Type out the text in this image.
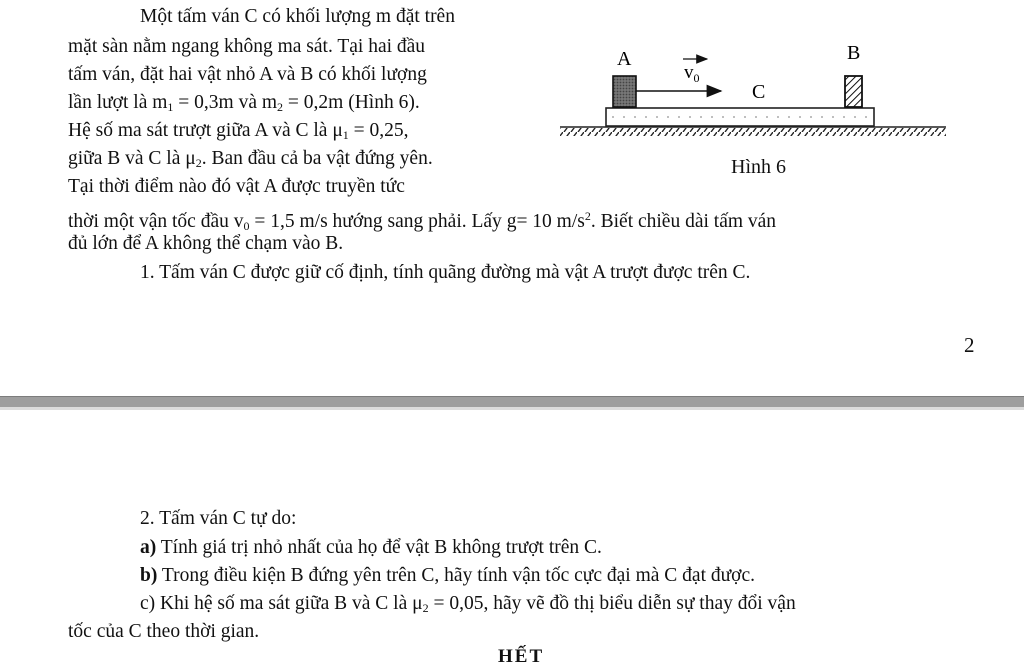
Một tấm ván C có khối lượng m đặt trên
mặt sàn nằm ngang không ma sát. Tại hai đầu
tấm ván, đặt hai vật nhỏ A và B có khối lượng
lần lượt là $m_1 = 0,3m$ và $m_2 = 0,2m$ (Hình 6).
Hệ số ma sát trượt giữa A và C là $\mu_1 = 0,25$,
giữa B và C là $\mu_2$. Ban đầu cả ba vật đứng yên.
Tại thời điểm nào đó vật A được truyền tức
thời một vận tốc đầu $v_0 = 1,5$ m/s hướng sang phải. Lấy g= 10 $m/s^2$. Biết chiều dài tấm ván
đủ lớn để A không thể chạm vào B.
1. Tấm ván C được giữ cố định, tính quãng đường mà vật A trượt được trên C.
A	B
C
$v_0$
Hình 6
2
2. Tấm ván C tự do:
a) Tính giá trị nhỏ nhất của họ để vật B không trượt trên C.
b) Trong điều kiện B đứng yên trên C, hãy tính vận tốc cực đại mà C đạt được.
c) Khi hệ số ma sát giữa B và C là $\mu_2 = 0,05$, hãy vẽ đồ thị biểu diễn sự thay đổi vận
tốc của C theo thời gian.
HẾT
